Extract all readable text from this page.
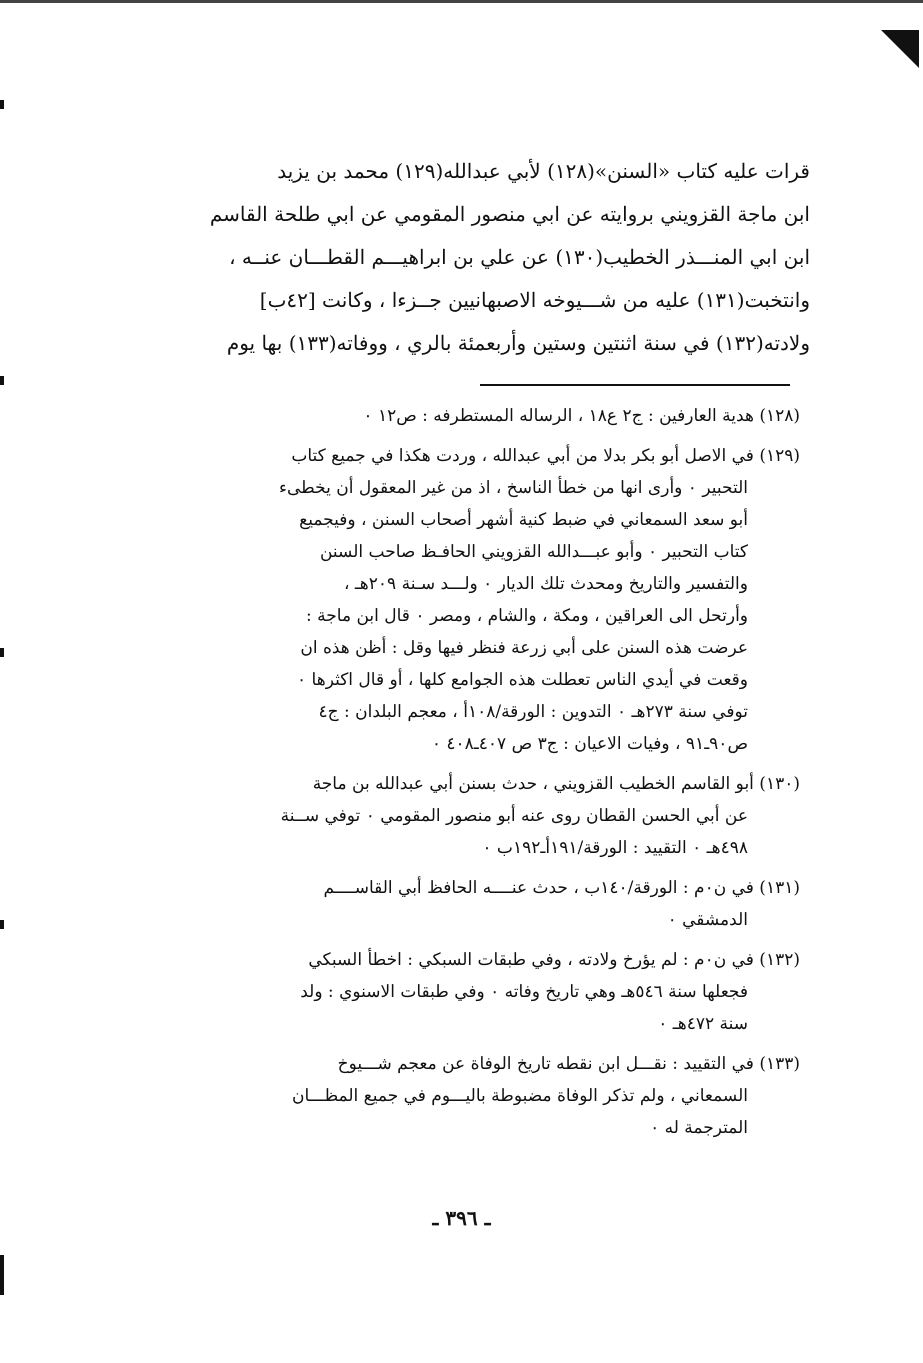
قرات عليه كتاب «السنن»(١٢٨) لأبي عبدالله(١٢٩) محمد بن يزيد
ابن ماجة القزويني بروايته عن ابي منصور المقومي عن ابي طلحة القاسم
ابن ابي المنـــذر الخطيب(١٣٠) عن علي بن ابراهيـــم القطـــان عنــه ،
وانتخبت(١٣١) عليه من شـــيوخه الاصبهانيين جــزءا ، وكانت [٤٢ب]
ولادته(١٣٢) في سنة اثنتين وستين وأربعمئة بالري ، ووفاته(١٣٣) بها يوم
(١٢٨) هدية العارفين : ج٢ ع١٨ ، الرساله المستطرفه : ص١٢ ٠
(١٢٩) في الاصل أبو بكر بدلا من أبي عبدالله ، وردت هكذا في جميع كتاب
التحبير ٠ وأرى انها من خطأ الناسخ ، اذ من غير المعقول أن يخطىء
أبو سعد السمعاني في ضبط كنية أشهر أصحاب السنن ، وفيجميع
كتاب التحبير ٠ وأبو عبـــدالله القزويني الحافـظ صاحب السنن
والتفسير والتاريخ ومحدث تلك الديار ٠ ولـــد سـنة ٢٠٩هـ ،
وأرتحل الى العراقين ، ومكة ، والشام ، ومصر ٠ قال ابن ماجة :
عرضت هذه السنن على أبي زرعة فنظر فيها وقل : أظن هذه ان
وقعت في أيدي الناس تعطلت هذه الجوامع كلها ، أو قال اكثرها ٠
توفي سنة ٢٧٣هـ ٠ التدوين : الورقة/١٠٨أ ، معجم البلدان : ج٤
ص٩٠ـ٩١ ، وفيات الاعيان : ج٣ ص ٤٠٧ـ٤٠٨ ٠
(١٣٠) أبو القاسم الخطيب القزويني ، حدث بسنن أبي عبدالله بن ماجة
عن أبي الحسن القطان روى عنه أبو منصور المقومي ٠ توفي ســنة
٤٩٨هـ ٠ التقييد : الورقة/١٩١أـ١٩٢ب ٠
(١٣١) في ن٠م : الورقة/١٤٠ب ، حدث عنــــه الحافظ أبي القاســــم
الدمشقي ٠
(١٣٢) في ن٠م : لم يؤرخ ولادته ، وفي طبقات السبكي : اخطأ السبكي
فجعلها سنة ٥٤٦هـ وهي تاريخ وفاته ٠ وفي طبقات الاسنوي : ولد
سنة ٤٧٢هـ ٠
(١٣٣) في التقييد : نقـــل ابن نقطه تاريخ الوفاة عن معجم شـــيوخ
السمعاني ، ولم تذكر الوفاة مضبوطة باليـــوم في جميع المظـــان
المترجمة له ٠
ـ ٣٩٦ ـ
